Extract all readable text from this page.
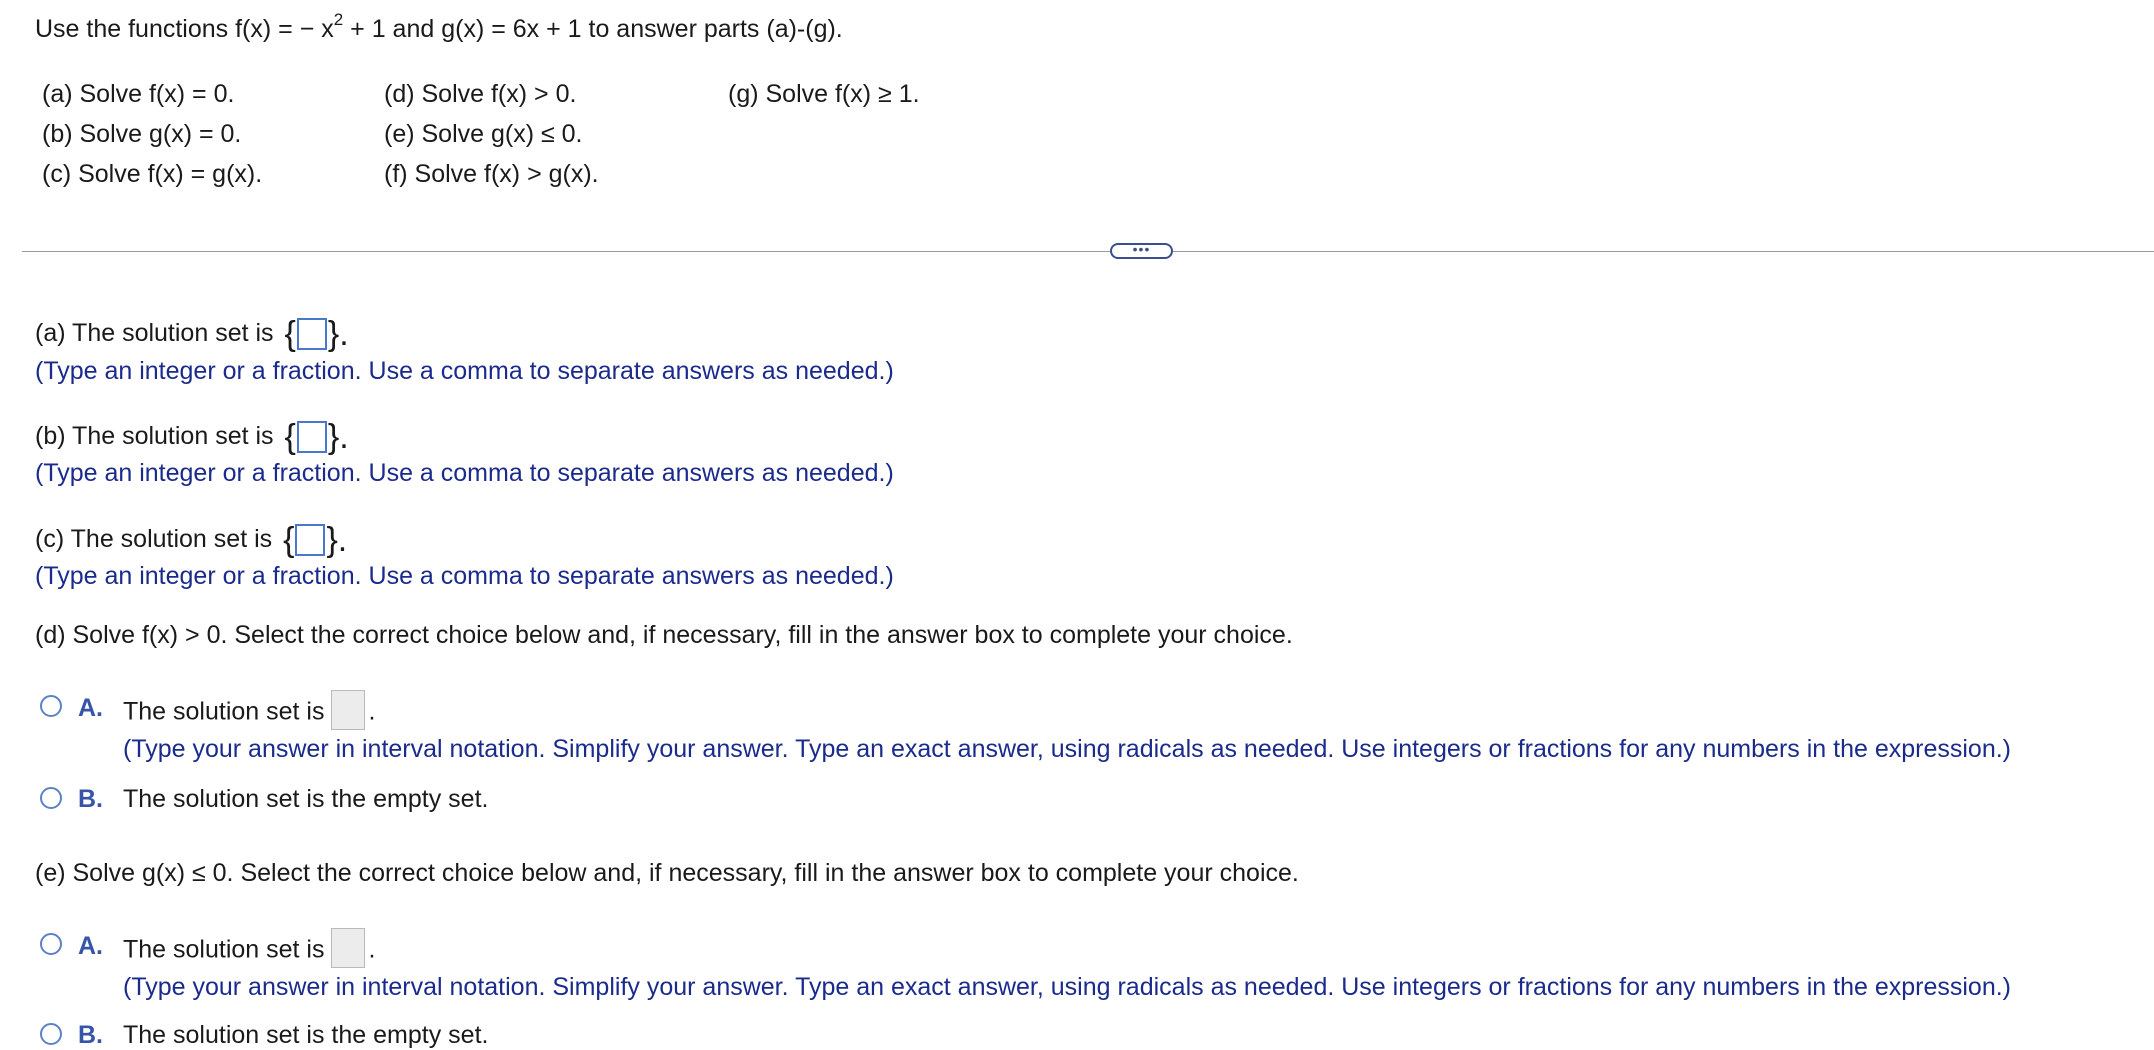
Use the functions f(x) = − $x^2 + 1$ and g(x) = 6x + 1 to answer parts (a)-(g).
(a) Solve f(x) = 0.
(b) Solve g(x) = 0.
(c) Solve f(x) = g(x).
(d) Solve f(x) > 0.
(e) Solve g(x) ≤ 0.
(f) Solve f(x) > g(x).
(g) Solve f(x) ≥ 1.
•••
(a) The solution set is { }.
(Type an integer or a fraction. Use a comma to separate answers as needed.)
(b) The solution set is { }.
(Type an integer or a fraction. Use a comma to separate answers as needed.)
(c) The solution set is { }.
(Type an integer or a fraction. Use a comma to separate answers as needed.)
(d) Solve f(x) > 0. Select the correct choice below and, if necessary, fill in the answer box to complete your choice.
A. The solution set is .
(Type your answer in interval notation. Simplify your answer. Type an exact answer, using radicals as needed. Use integers or fractions for any numbers in the expression.)
B. The solution set is the empty set.
(e) Solve g(x) ≤ 0. Select the correct choice below and, if necessary, fill in the answer box to complete your choice.
A. The solution set is .
(Type your answer in interval notation. Simplify your answer. Type an exact answer, using radicals as needed. Use integers or fractions for any numbers in the expression.)
B. The solution set is the empty set.
